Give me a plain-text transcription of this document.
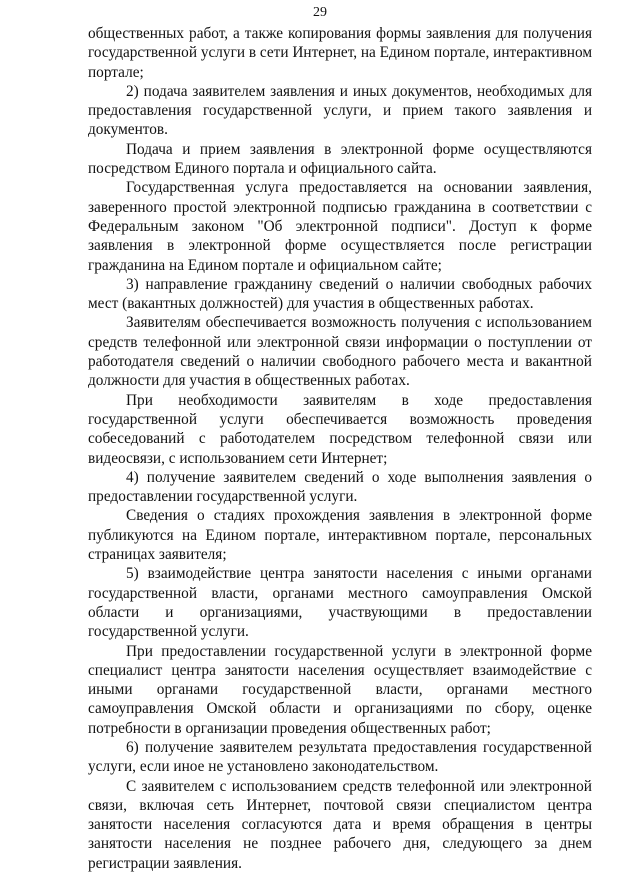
29

общественных работ, а также копирования формы заявления для получения государственной услуги в сети Интернет, на Едином портале, интерактивном портале;

2) подача заявителем заявления и иных документов, необходимых для предоставления государственной услуги, и прием такого заявления и документов.

Подача и прием заявления в электронной форме осуществляются посредством Единого портала и официального сайта.

Государственная услуга предоставляется на основании заявления, заверенного простой электронной подписью гражданина в соответствии с Федеральным законом "Об электронной подписи". Доступ к форме заявления в электронной форме осуществляется после регистрации гражданина на Едином портале и официальном сайте;

3) направление гражданину сведений о наличии свободных рабочих мест (вакантных должностей) для участия в общественных работах.

Заявителям обеспечивается возможность получения с использованием средств телефонной или электронной связи информации о поступлении от работодателя сведений о наличии свободного рабочего места и вакантной должности для участия в общественных работах.

При необходимости заявителям в ходе предоставления государственной услуги обеспечивается возможность проведения собеседований с работодателем посредством телефонной связи или видеосвязи, с использованием сети Интернет;

4) получение заявителем сведений о ходе выполнения заявления о предоставлении государственной услуги.

Сведения о стадиях прохождения заявления в электронной форме публикуются на Едином портале, интерактивном портале, персональных страницах заявителя;

5) взаимодействие центра занятости населения с иными органами государственной власти, органами местного самоуправления Омской области и организациями, участвующими в предоставлении государственной услуги.

При предоставлении государственной услуги в электронной форме специалист центра занятости населения осуществляет взаимодействие с иными органами государственной власти, органами местного самоуправления Омской области и организациями по сбору, оценке потребности в организации проведения общественных работ;

6) получение заявителем результата предоставления государственной услуги, если иное не установлено законодательством.

С заявителем с использованием средств телефонной или электронной связи, включая сеть Интернет, почтовой связи специалистом центра занятости населения согласуются дата и время обращения в центры занятости населения не позднее рабочего дня, следующего за днем регистрации заявления.
